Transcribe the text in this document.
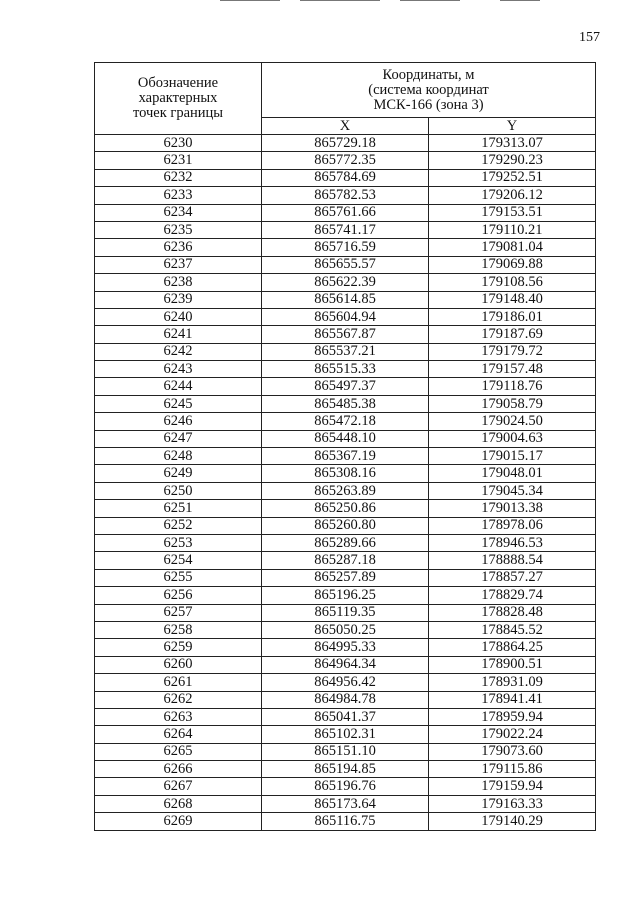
157
Обозначение
характерных
точек границы	Координаты, м
(система координат
МСК-166 (зона 3)	

	X	Y
6230	865729.18	179313.07
6231	865772.35	179290.23
6232	865784.69	179252.51
6233	865782.53	179206.12
6234	865761.66	179153.51
6235	865741.17	179110.21
6236	865716.59	179081.04
6237	865655.57	179069.88
6238	865622.39	179108.56
6239	865614.85	179148.40
6240	865604.94	179186.01
6241	865567.87	179187.69
6242	865537.21	179179.72
6243	865515.33	179157.48
6244	865497.37	179118.76
6245	865485.38	179058.79
6246	865472.18	179024.50
6247	865448.10	179004.63
6248	865367.19	179015.17
6249	865308.16	179048.01
6250	865263.89	179045.34
6251	865250.86	179013.38
6252	865260.80	178978.06
6253	865289.66	178946.53
6254	865287.18	178888.54
6255	865257.89	178857.27
6256	865196.25	178829.74
6257	865119.35	178828.48
6258	865050.25	178845.52
6259	864995.33	178864.25
6260	864964.34	178900.51
6261	864956.42	178931.09
6262	864984.78	178941.41
6263	865041.37	178959.94
6264	865102.31	179022.24
6265	865151.10	179073.60
6266	865194.85	179115.86
6267	865196.76	179159.94
6268	865173.64	179163.33
6269	865116.75	179140.29
